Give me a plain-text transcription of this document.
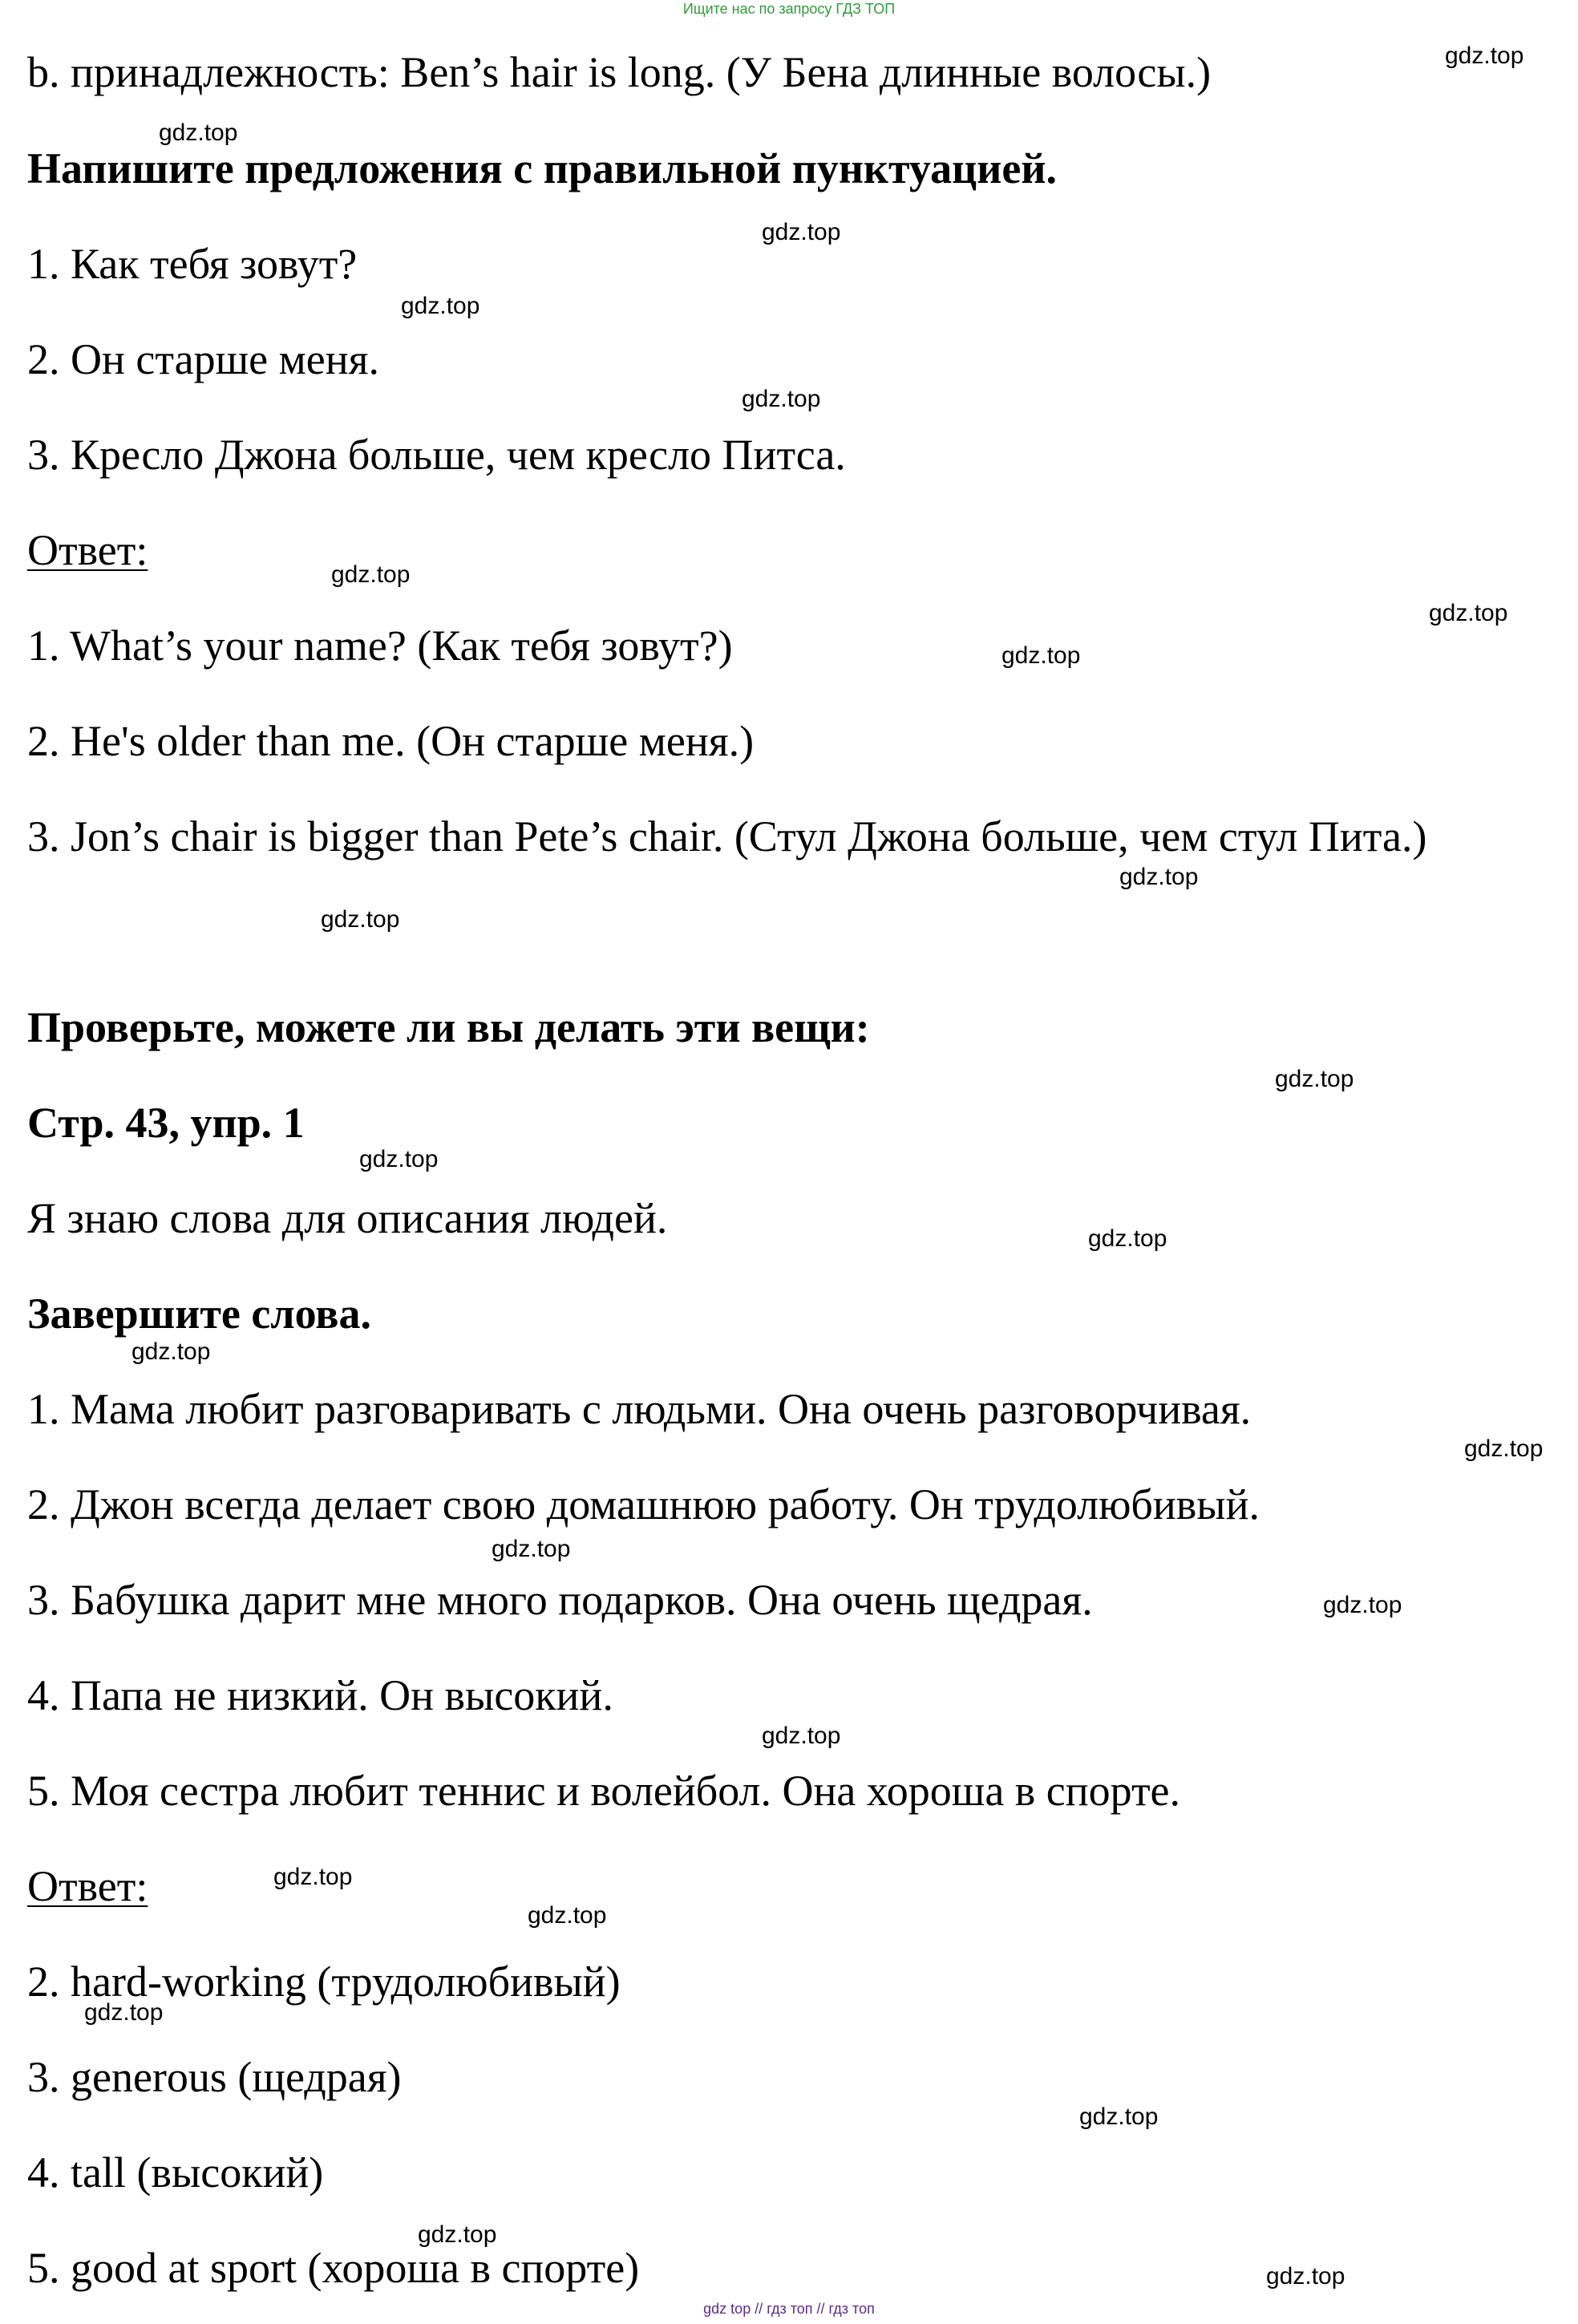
Ищите нас по запросу ГДЗ ТОП
b. принадлежность: Ben’s hair is long. (У Бена длинные волосы.)
Напишите предложения с правильной пунктуацией.
1. Как тебя зовут?
2. Он старше меня.
3. Кресло Джона больше, чем кресло Питса.
Ответ:
1. What’s your name? (Как тебя зовут?)
2. He's older than me. (Он старше меня.)
3. Jon’s chair is bigger than Pete’s chair. (Стул Джона больше, чем стул Пита.)
Проверьте, можете ли вы делать эти вещи:
Стр. 43, упр. 1
Я знаю слова для описания людей.
Завершите слова.
1. Мама любит разговаривать с людьми. Она очень разговорчивая.
2. Джон всегда делает свою домашнюю работу. Он трудолюбивый.
3. Бабушка дарит мне много подарков. Она очень щедрая.
4. Папа не низкий. Он высокий.
5. Моя сестра любит теннис и волейбол. Она хороша в спорте.
Ответ:
2. hard-working (трудолюбивый)
3. generous (щедрая)
4. tall (высокий)
5. good at sport (хороша в спорте)
gdz.top
gdz.top
gdz.top
gdz.top
gdz.top
gdz.top
gdz.top
gdz.top
gdz.top
gdz.top
gdz.top
gdz.top
gdz.top
gdz.top
gdz.top
gdz.top
gdz.top
gdz.top
gdz.top
gdz.top
gdz.top
gdz.top
gdz.top
gdz.top
gdz top // гдз топ // гдз топ
